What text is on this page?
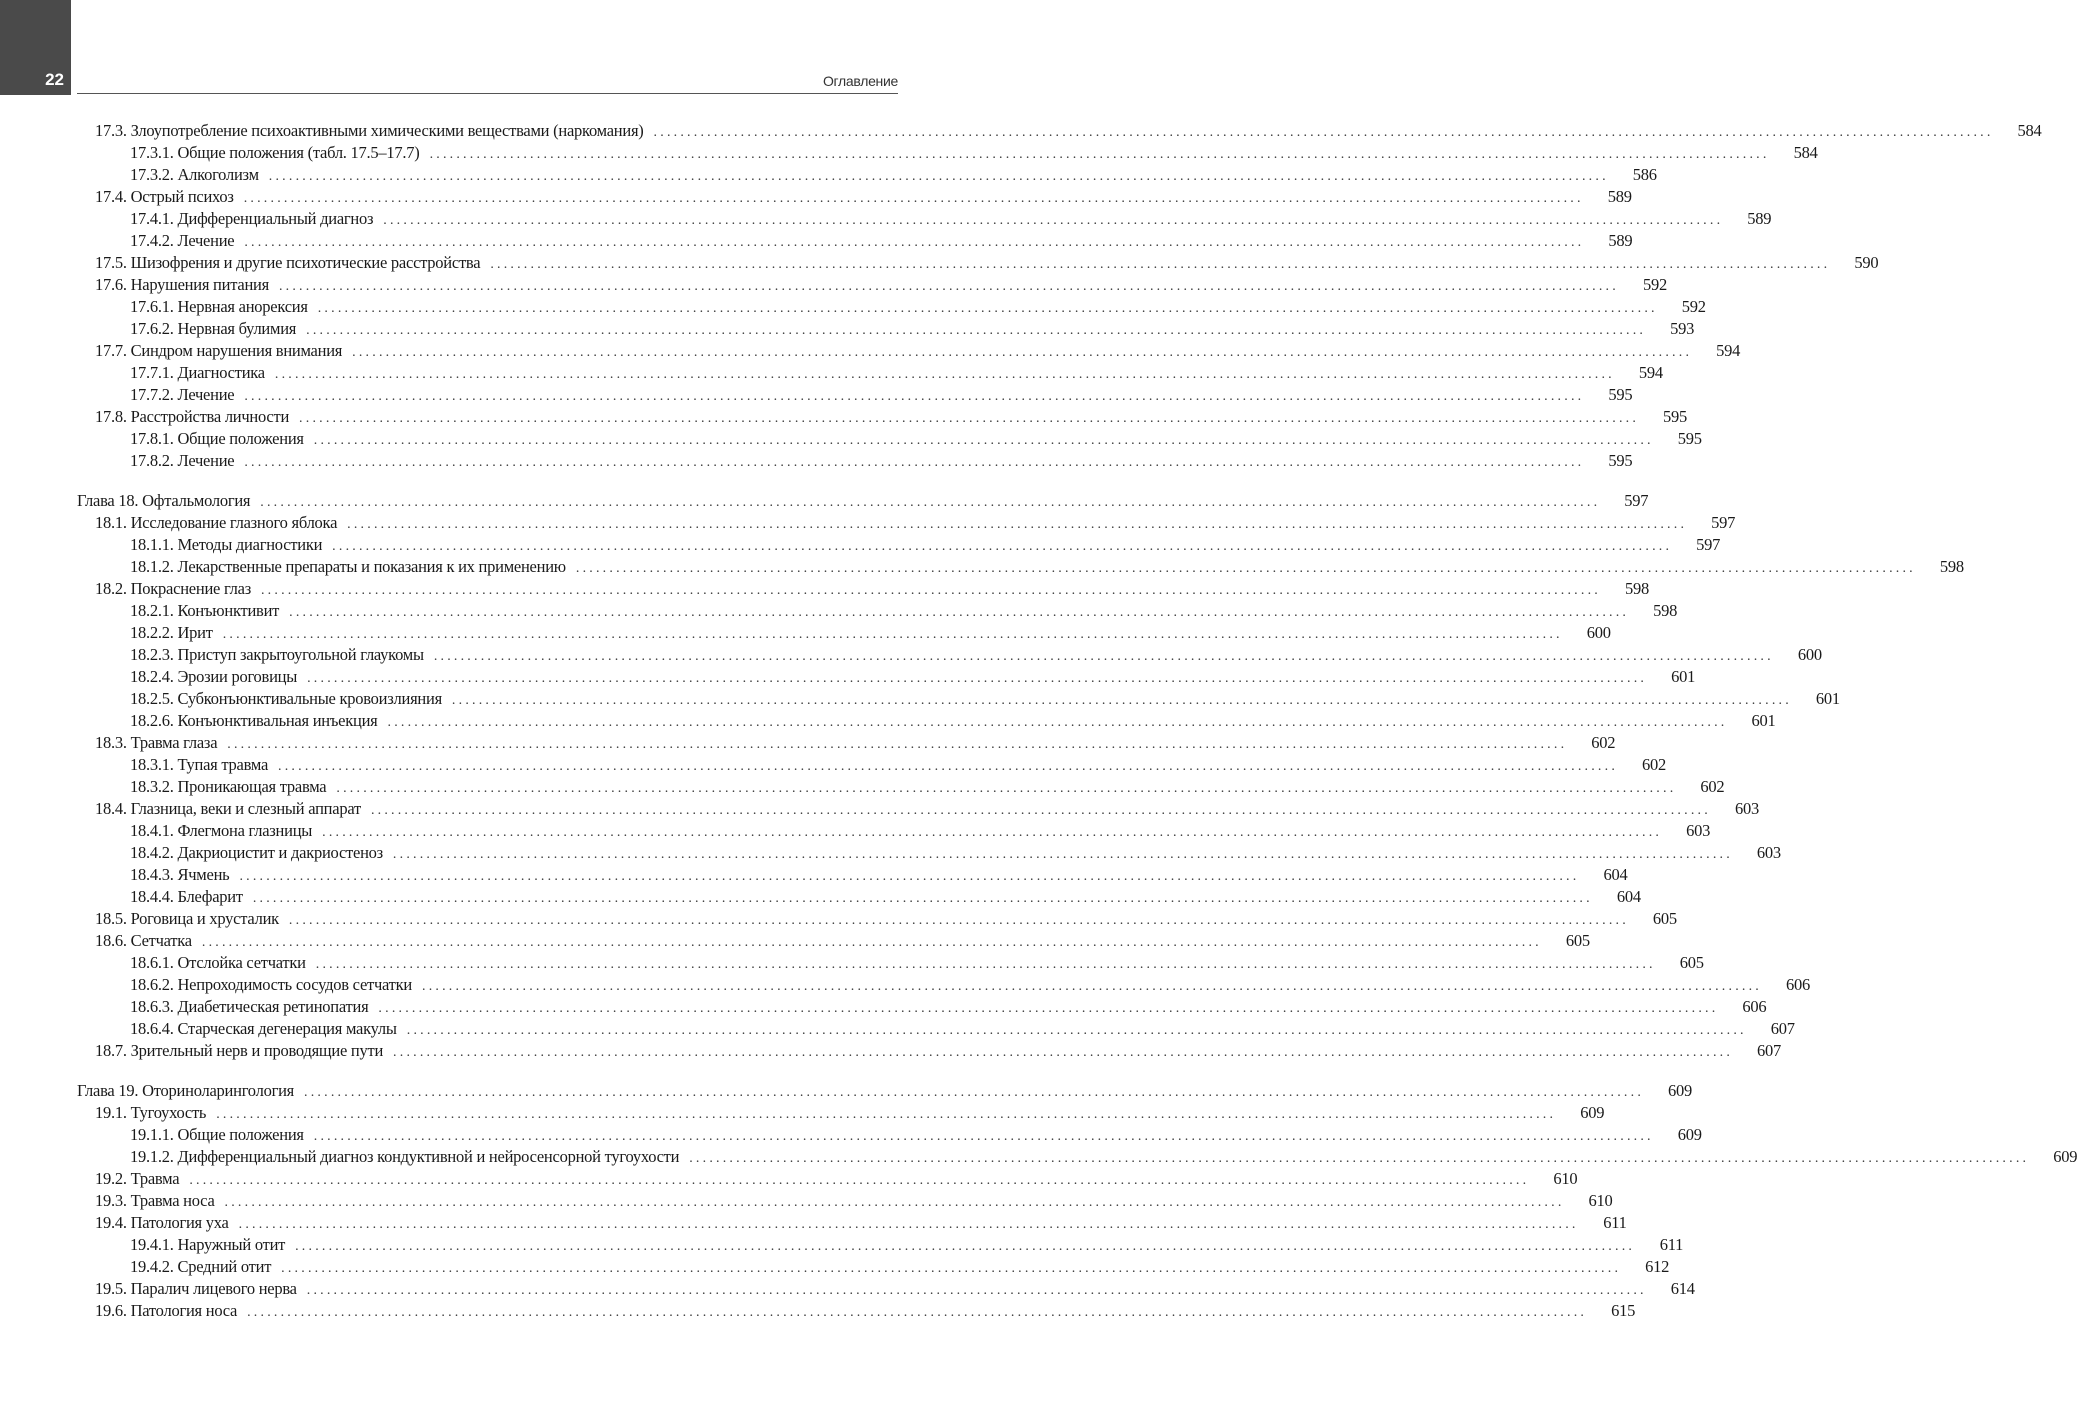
22	Оглавление
17.3. Злоупотребление психоактивными химическими веществами (наркомания) ........................................................................................................................................................................................................	584
17.3.1. Общие положения (табл. 17.5–17.7) ........................................................................................................................................................................................................	584
17.3.2. Алкоголизм ........................................................................................................................................................................................................	586
17.4. Острый психоз ........................................................................................................................................................................................................	589
17.4.1. Дифференциальный диагноз ........................................................................................................................................................................................................	589
17.4.2. Лечение ........................................................................................................................................................................................................	589
17.5. Шизофрения и другие психотические расстройства ........................................................................................................................................................................................................	590
17.6. Нарушения питания ........................................................................................................................................................................................................	592
17.6.1. Нервная анорексия ........................................................................................................................................................................................................	592
17.6.2. Нервная булимия ........................................................................................................................................................................................................	593
17.7. Синдром нарушения внимания ........................................................................................................................................................................................................	594
17.7.1. Диагностика ........................................................................................................................................................................................................	594
17.7.2. Лечение ........................................................................................................................................................................................................	595
17.8. Расстройства личности ........................................................................................................................................................................................................	595
17.8.1. Общие положения ........................................................................................................................................................................................................	595
17.8.2. Лечение ........................................................................................................................................................................................................	595
Глава 18. Офтальмология ........................................................................................................................................................................................................	597
18.1. Исследование глазного яблока ........................................................................................................................................................................................................	597
18.1.1. Методы диагностики ........................................................................................................................................................................................................	597
18.1.2. Лекарственные препараты и показания к их применению ........................................................................................................................................................................................................	598
18.2. Покраснение глаз ........................................................................................................................................................................................................	598
18.2.1. Конъюнктивит ........................................................................................................................................................................................................	598
18.2.2. Ирит ........................................................................................................................................................................................................	600
18.2.3. Приступ закрытоугольной глаукомы ........................................................................................................................................................................................................	600
18.2.4. Эрозии роговицы ........................................................................................................................................................................................................	601
18.2.5. Субконъюнктивальные кровоизлияния ........................................................................................................................................................................................................	601
18.2.6. Конъюнктивальная инъекция ........................................................................................................................................................................................................	601
18.3. Травма глаза ........................................................................................................................................................................................................	602
18.3.1. Тупая травма ........................................................................................................................................................................................................	602
18.3.2. Проникающая травма ........................................................................................................................................................................................................	602
18.4. Глазница, веки и слезный аппарат ........................................................................................................................................................................................................	603
18.4.1. Флегмона глазницы ........................................................................................................................................................................................................	603
18.4.2. Дакриоцистит и дакриостеноз ........................................................................................................................................................................................................	603
18.4.3. Ячмень ........................................................................................................................................................................................................	604
18.4.4. Блефарит ........................................................................................................................................................................................................	604
18.5. Роговица и хрусталик ........................................................................................................................................................................................................	605
18.6. Сетчатка ........................................................................................................................................................................................................	605
18.6.1. Отслойка сетчатки ........................................................................................................................................................................................................	605
18.6.2. Непроходимость сосудов сетчатки ........................................................................................................................................................................................................	606
18.6.3. Диабетическая ретинопатия ........................................................................................................................................................................................................	606
18.6.4. Старческая дегенерация макулы ........................................................................................................................................................................................................	607
18.7. Зрительный нерв и проводящие пути ........................................................................................................................................................................................................	607
Глава 19. Оториноларингология ........................................................................................................................................................................................................	609
19.1. Тугоухость ........................................................................................................................................................................................................	609
19.1.1. Общие положения ........................................................................................................................................................................................................	609
19.1.2. Дифференциальный диагноз кондуктивной и нейросенсорной тугоухости ........................................................................................................................................................................................................	609
19.2. Травма ........................................................................................................................................................................................................	610
19.3. Травма носа ........................................................................................................................................................................................................	610
19.4. Патология уха ........................................................................................................................................................................................................	611
19.4.1. Наружный отит ........................................................................................................................................................................................................	611
19.4.2. Средний отит ........................................................................................................................................................................................................	612
19.5. Паралич лицевого нерва ........................................................................................................................................................................................................	614
19.6. Патология носа ........................................................................................................................................................................................................	615
